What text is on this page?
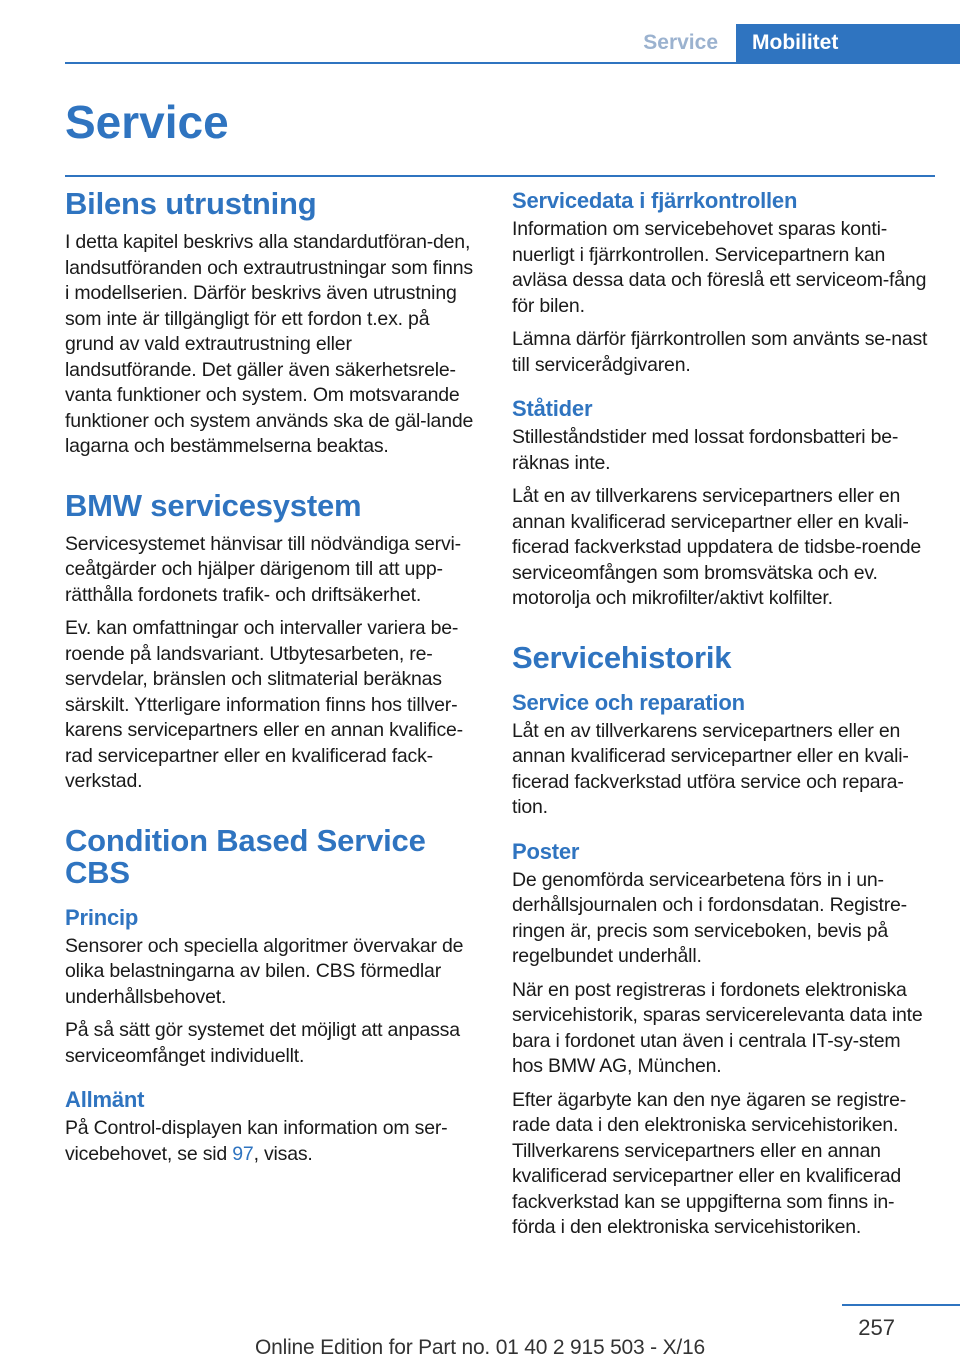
Service	Mobilitet
Service
Bilens utrustning

I detta kapitel beskrivs alla standardutföran-den, landsutföranden och extrautrustningar som finns i modellserien. Därför beskrivs även utrustning som inte är tillgängligt för ett fordon t.ex. på grund av vald extrautrustning eller landsutförande. Det gäller även säkerhetsrele-vanta funktioner och system. Om motsvarande funktioner och system används ska de gäl-lande lagarna och bestämmelserna beaktas.

BMW servicesystem

Servicesystemet hänvisar till nödvändiga servi-ceåtgärder och hjälper därigenom till att upp-rätthålla fordonets trafik- och driftsäkerhet.

Ev. kan omfattningar och intervaller variera be-roende på landsvariant. Utbytesarbeten, re-servdelar, bränslen och slitmaterial beräknas särskilt. Ytterligare information finns hos tillver-karens servicepartners eller en annan kvalifice-rad servicepartner eller en kvalificerad fack-verkstad.

Condition Based Service CBS
Princip

Sensorer och speciella algoritmer övervakar de olika belastningarna av bilen. CBS förmedlar underhållsbehovet.

På så sätt gör systemet det möjligt att anpassa serviceomfånget individuellt.

Allmänt

På Control-displayen kan information om ser-vicebehovet, se sid 97, visas.

Servicedata i fjärrkontrollen

Information om servicebehovet sparas konti-nuerligt i fjärrkontrollen. Servicepartnern kan avläsa dessa data och föreslå ett serviceom-fång för bilen.

Lämna därför fjärrkontrollen som använts se-nast till servicerådgivaren.

Ståtider

Stilleståndstider med lossat fordonsbatteri be-räknas inte.

Låt en av tillverkarens servicepartners eller en annan kvalificerad servicepartner eller en kvali-ficerad fackverkstad uppdatera de tidsbe-roende serviceomfången som bromsvätska och ev. motorolja och mikrofilter/aktivt kolfilter.

Servicehistorik
Service och reparation

Låt en av tillverkarens servicepartners eller en annan kvalificerad servicepartner eller en kvali-ficerad fackverkstad utföra service och repara-tion.

Poster

De genomförda servicearbetena förs in i un-derhållsjournalen och i fordonsdatan. Registre-ringen är, precis som serviceboken, bevis på regelbundet underhåll.

När en post registreras i fordonets elektroniska servicehistorik, sparas servicerelevanta data inte bara i fordonet utan även i centrala IT-sy-stem hos BMW AG, München.

Efter ägarbyte kan den nye ägaren se registre-rade data i den elektroniska servicehistoriken. Tillverkarens servicepartners eller en annan kvalificerad servicepartner eller en kvalificerad fackverkstad kan se uppgifterna som finns in-förda i den elektroniska servicehistoriken.

257
Online Edition for Part no. 01 40 2 915 503 - X/16
